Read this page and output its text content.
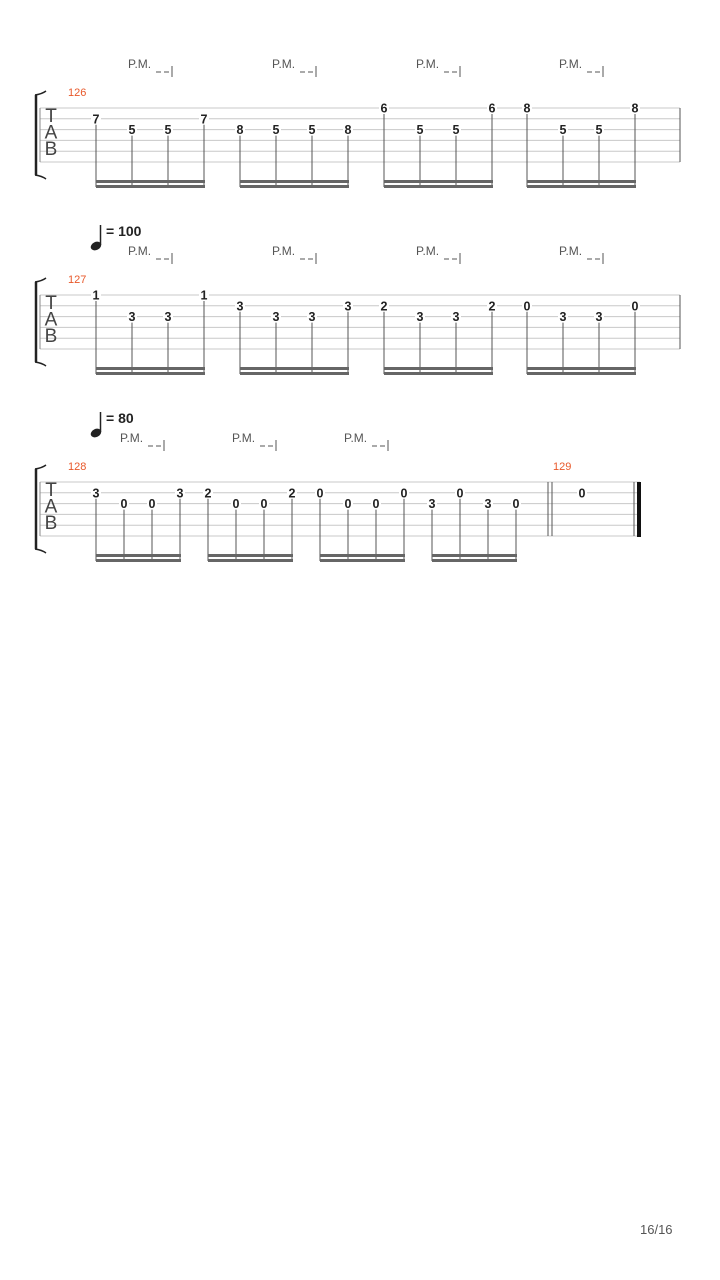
T
A
B
P.M.	P.M.	P.M.	P.M.
126
7
5 5
7
8 5 5 8
6
5 5
6 8
5 5
8
T
A
B
= 100
P.M.	P.M.	P.M.	P.M.
127
1
3 3
1
3
3 3
3 2
3 3
2 0
3 3
0
T
A
B
= 80
P.M.	P.M.	P.M.
128
3
0 0
3 2
0 0
2 0
0 0
0
3
0
3 0
129
0
16/16
